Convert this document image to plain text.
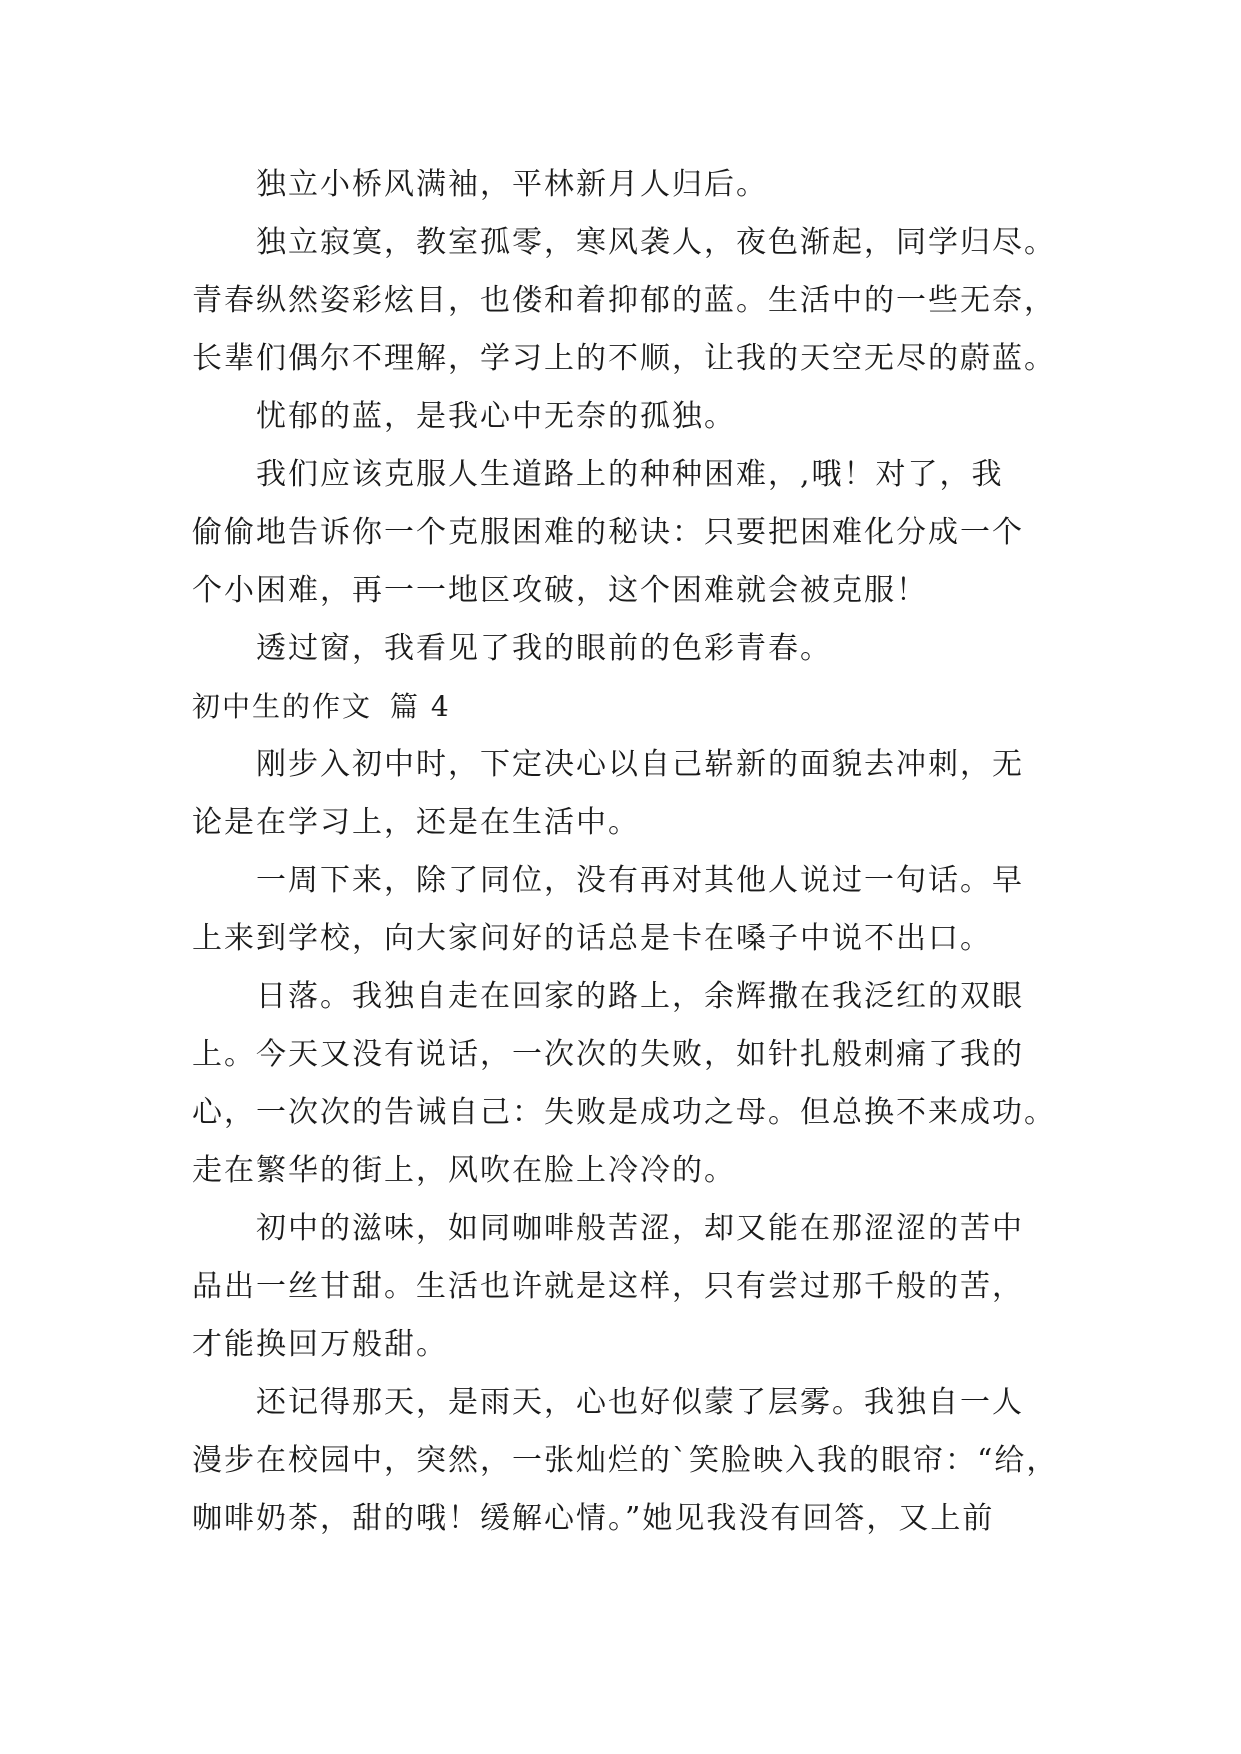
独立小桥风满袖，平林新月人归后。
独立寂寞，教室孤零，寒风袭人，夜色渐起，同学归尽。
青春纵然姿彩炫目，也偻和着抑郁的蓝。生活中的一些无奈，
长辈们偶尔不理解，学习上的不顺，让我的天空无尽的蔚蓝。
忧郁的蓝，是我心中无奈的孤独。
我们应该克服人生道路上的种种困难，,哦！对了，我
偷偷地告诉你一个克服困难的秘诀：只要把困难化分成一个
个小困难，再一一地区攻破，这个困难就会被克服！
透过窗，我看见了我的眼前的色彩青春。
初中生的作文 篇 4
刚步入初中时，下定决心以自己崭新的面貌去冲刺，无
论是在学习上，还是在生活中。
一周下来，除了同位，没有再对其他人说过一句话。早
上来到学校，向大家问好的话总是卡在嗓子中说不出口。
日落。我独自走在回家的路上，余辉撒在我泛红的双眼
上。今天又没有说话，一次次的失败，如针扎般刺痛了我的
心，一次次的告诫自己：失败是成功之母。但总换不来成功。
走在繁华的街上，风吹在脸上冷冷的。
初中的滋味，如同咖啡般苦涩，却又能在那涩涩的苦中
品出一丝甘甜。生活也许就是这样，只有尝过那千般的苦，
才能换回万般甜。
还记得那天，是雨天，心也好似蒙了层雾。我独自一人
漫步在校园中，突然，一张灿烂的`笑脸映入我的眼帘：“给，
咖啡奶茶，甜的哦！缓解心情。”她见我没有回答，又上前
